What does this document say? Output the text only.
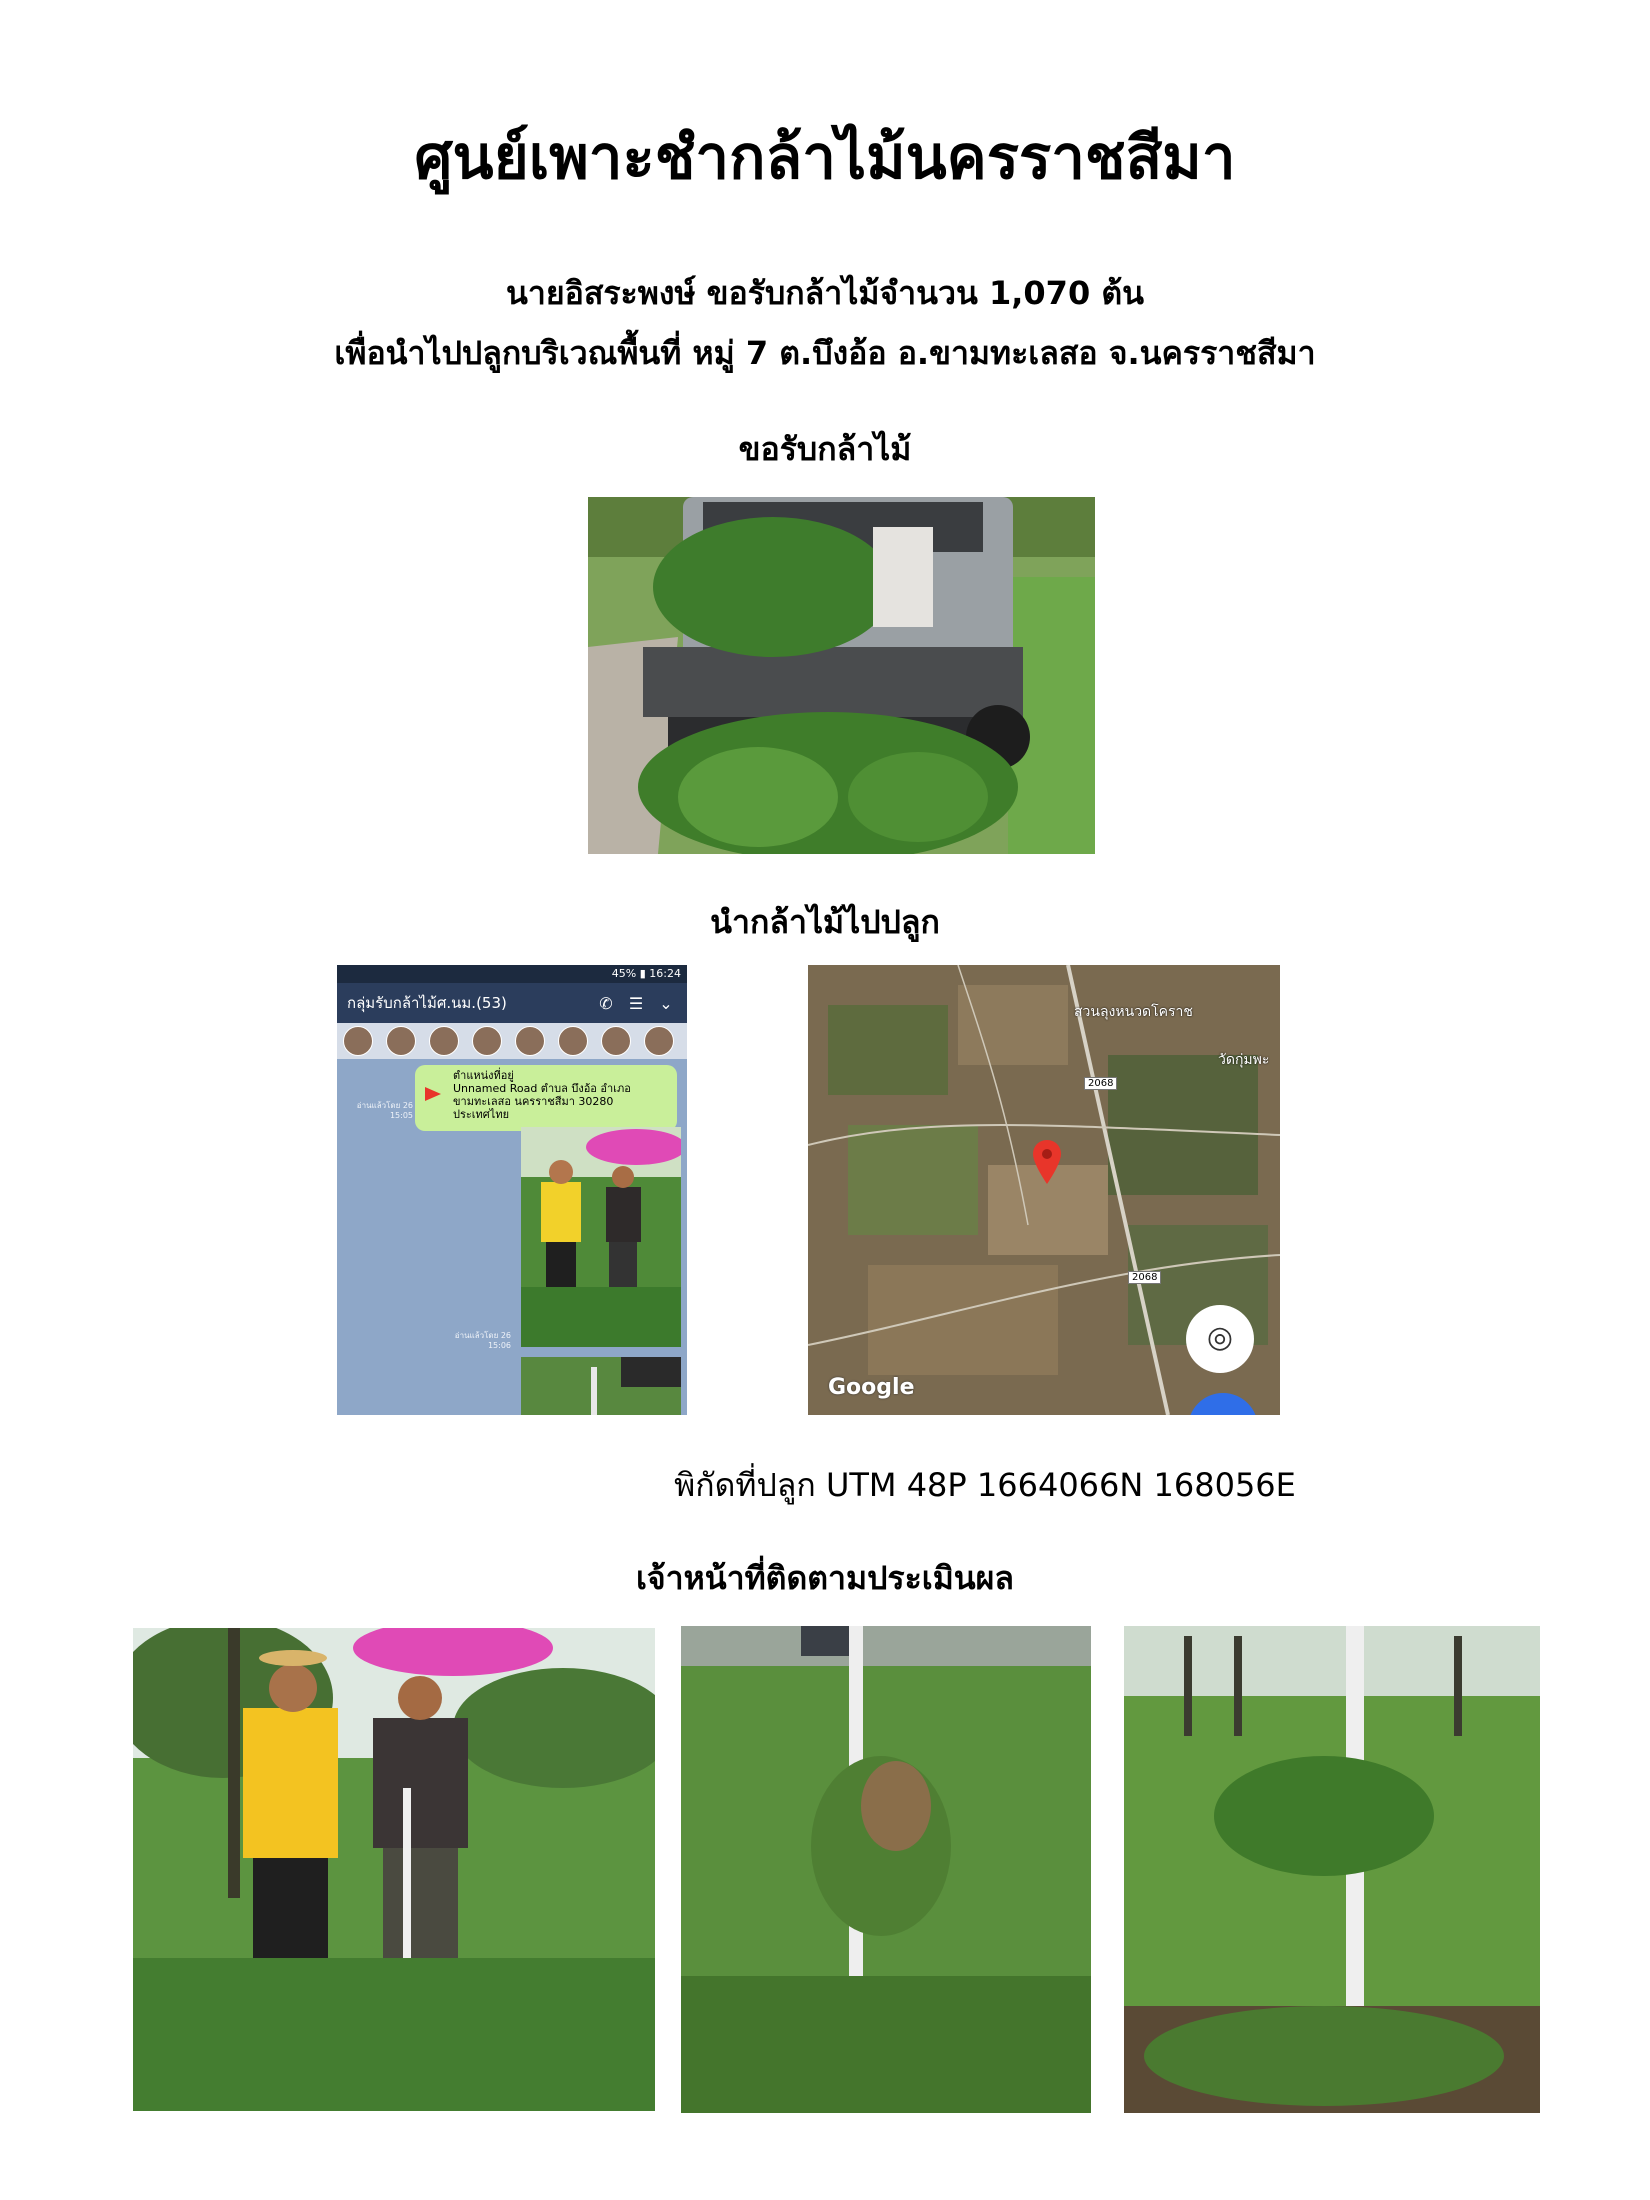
ศูนย์เพาะชำกล้าไม้นครราชสีมา
นายอิสระพงษ์ ขอรับกล้าไม้จำนวน 1,070 ต้น
เพื่อนำไปปลูกบริเวณพื้นที่ หมู่ 7 ต.บึงอ้อ อ.ขามทะเลสอ จ.นครราชสีมา
ขอรับกล้าไม้
นำกล้าไม้ไปปลูก
45% ▮ 16:24
กลุ่มรับกล้าไม้ศ.นม.(53)	✆ ☰ ⌄
ตำแหน่งที่อยู่
Unnamed Road ตำบล บึงอ้อ อำเภอ ขามทะเลสอ นครราชสีมา 30280 ประเทศไทย
อ่านแล้วโดย 26 15:05
อ่านแล้วโดย 26 15:06
สวนลุงหนวดโคราช
วัดกุ่มพะ
2068
2068
Google
◎
พิกัดที่ปลูก UTM 48P 1664066N 168056E
เจ้าหน้าที่ติดตามประเมินผล
